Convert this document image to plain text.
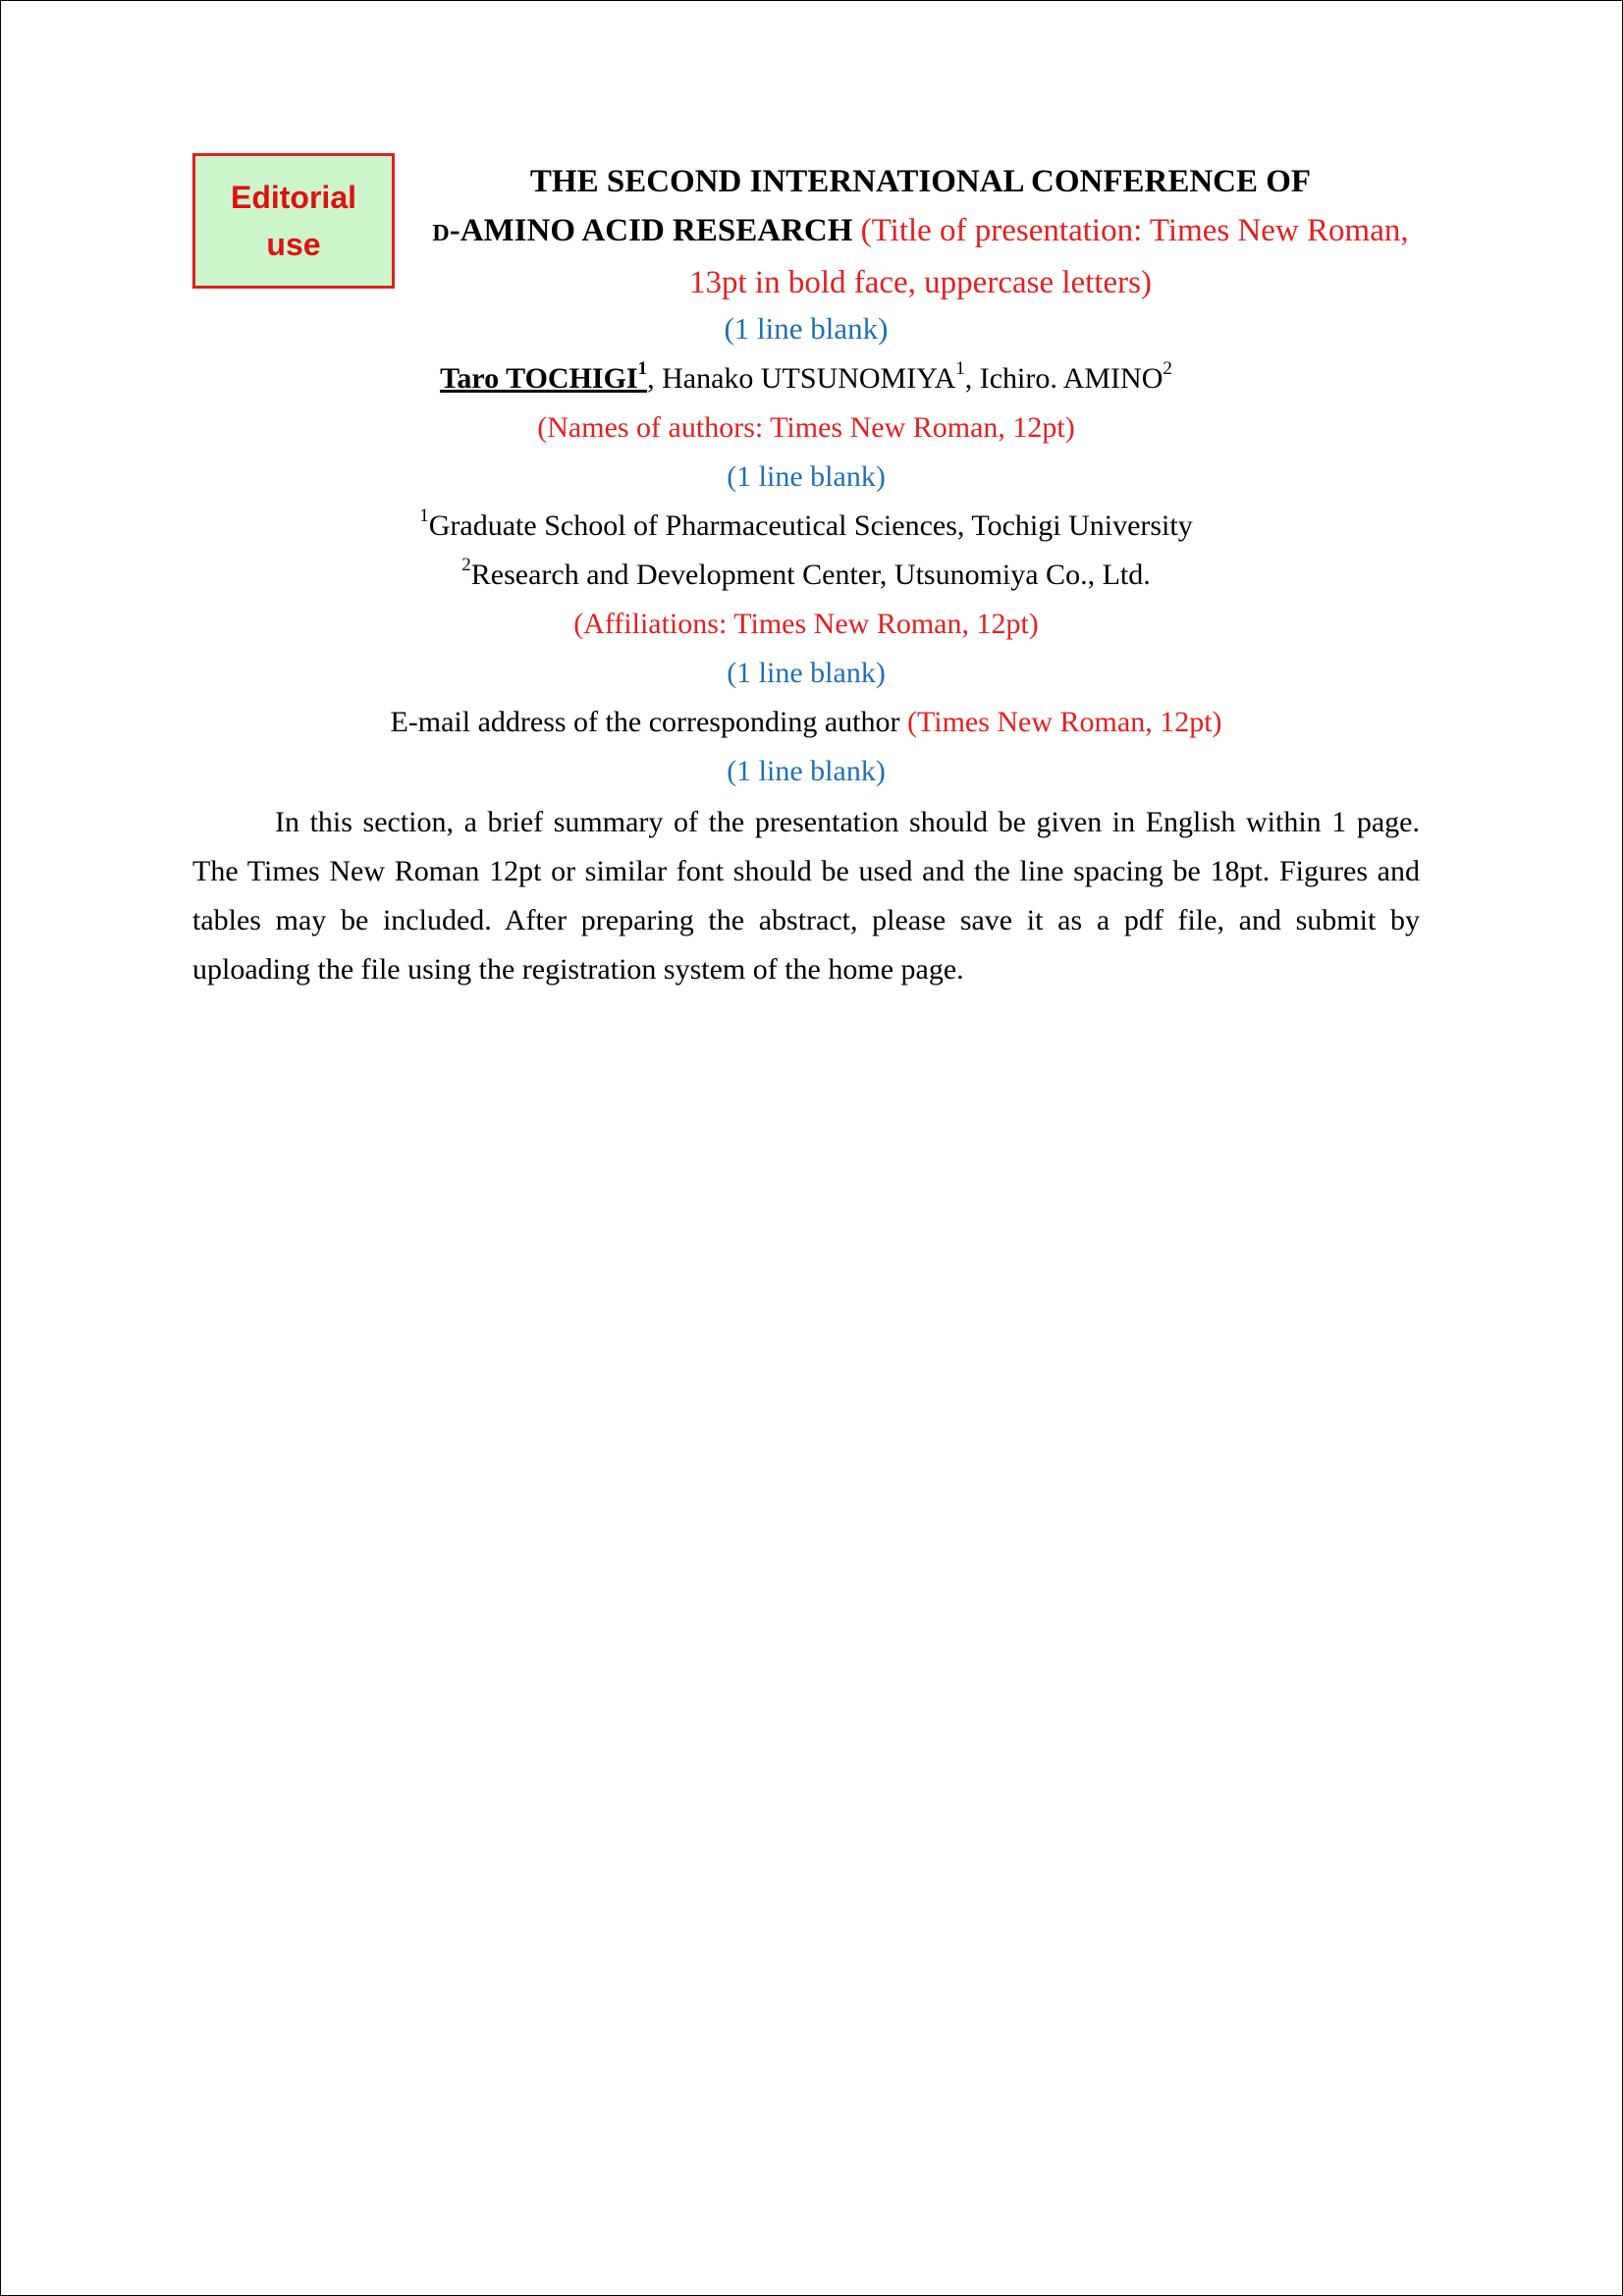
Editorial
use
THE SECOND INTERNATIONAL CONFERENCE OF
D-AMINO ACID RESEARCH (Title of presentation: Times New Roman, 13pt in bold face, uppercase letters)
(1 line blank)
Taro TOCHIGI$^1$, Hanako UTSUNOMIYA$^1$, Ichiro. AMINO$^2$
(Names of authors: Times New Roman, 12pt)
(1 line blank)
$^1$Graduate School of Pharmaceutical Sciences, Tochigi University
$^2$Research and Development Center, Utsunomiya Co., Ltd.
(Affiliations: Times New Roman, 12pt)
(1 line blank)
E-mail address of the corresponding author (Times New Roman, 12pt)
(1 line blank)
In this section, a brief summary of the presentation should be given in English within 1 page. The Times New Roman 12pt or similar font should be used and the line spacing be 18pt. Figures and tables may be included. After preparing the abstract, please save it as a pdf file, and submit by uploading the file using the registration system of the home page.
